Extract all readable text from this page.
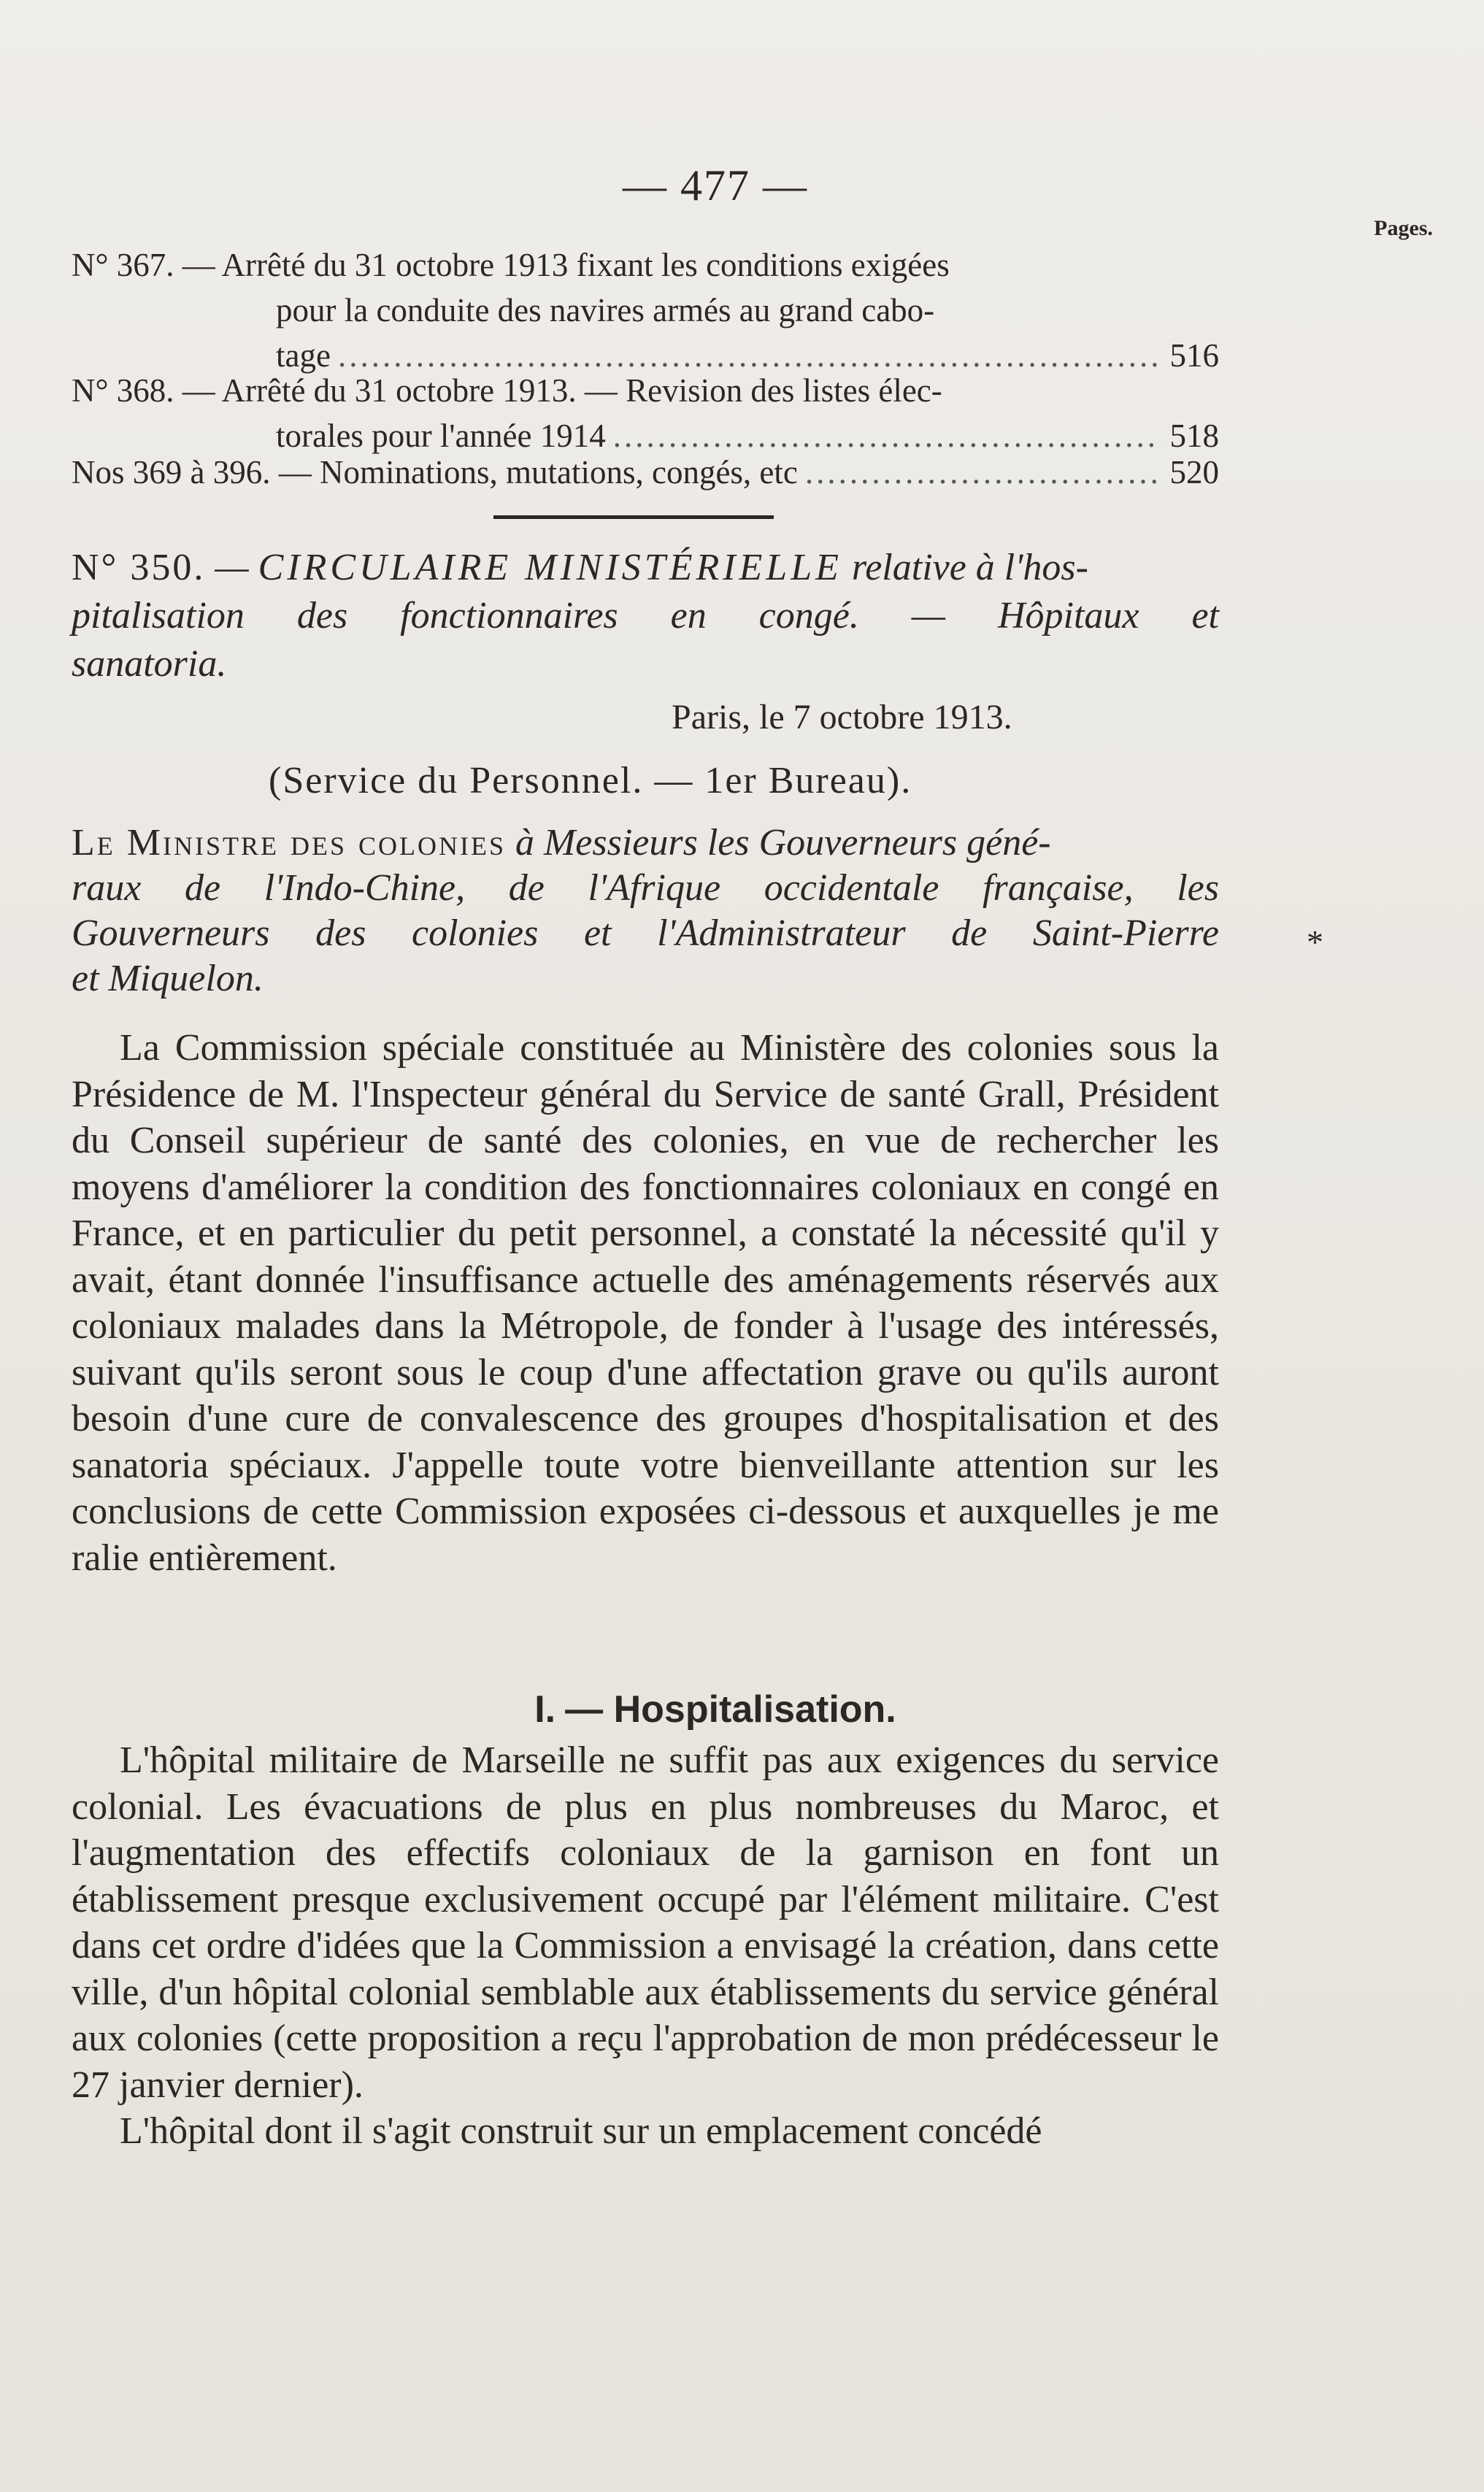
— 477 —
Pages.
N° 367.
— Arrêté du 31 octobre 1913 fixant les conditions exigées
pour la conduite des navires armés au grand cabo-
tage .....	516
N° 368.
— Arrêté du 31 octobre 1913. — Revision des listes élec-
torales pour l'année 1914 .....	518
Nos 369 à 396.
— Nominations, mutations, congés, etc .....	520
N° 350. — CIRCULAIRE MINISTÉRIELLE relative à l'hos-
pitalisation des fonctionnaires en congé. — Hôpitaux et
sanatoria.
Paris, le 7 octobre 1913.
(Service du Personnel. — 1er Bureau).
Le Ministre des colonies à Messieurs les Gouverneurs géné-
raux de l'Indo-Chine, de l'Afrique occidentale française, les
Gouverneurs des colonies et l'Administrateur de Saint-Pierre
et Miquelon.
*

La Commission spéciale constituée au Ministère des colonies sous la Présidence de M. l'Inspecteur général du Service de santé Grall, Président du Conseil supérieur de santé des colonies, en vue de rechercher les moyens d'améliorer la condition des fonctionnaires coloniaux en congé en France, et en particulier du petit personnel, a constaté la nécessité qu'il y avait, étant donnée l'insuffisance actuelle des aménagements réservés aux coloniaux malades dans la Métropole, de fonder à l'usage des intéressés, suivant qu'ils seront sous le coup d'une affectation grave ou qu'ils auront besoin d'une cure de convalescence des groupes d'hospitalisation et des sanatoria spéciaux. J'appelle toute votre bienveillante attention sur les conclusions de cette Commission exposées ci-dessous et auxquelles je me ralie entièrement.

I. — Hospitalisation.

L'hôpital militaire de Marseille ne suffit pas aux exigences du service colonial. Les évacuations de plus en plus nombreuses du Maroc, et l'augmentation des effectifs coloniaux de la garnison en font un établissement presque exclusivement occupé par l'élément militaire. C'est dans cet ordre d'idées que la Commission a envisagé la création, dans cette ville, d'un hôpital colonial semblable aux établissements du service général aux colonies (cette proposition a reçu l'approbation de mon prédécesseur le 27 janvier dernier).

L'hôpital dont il s'agit construit sur un emplacement concédé
